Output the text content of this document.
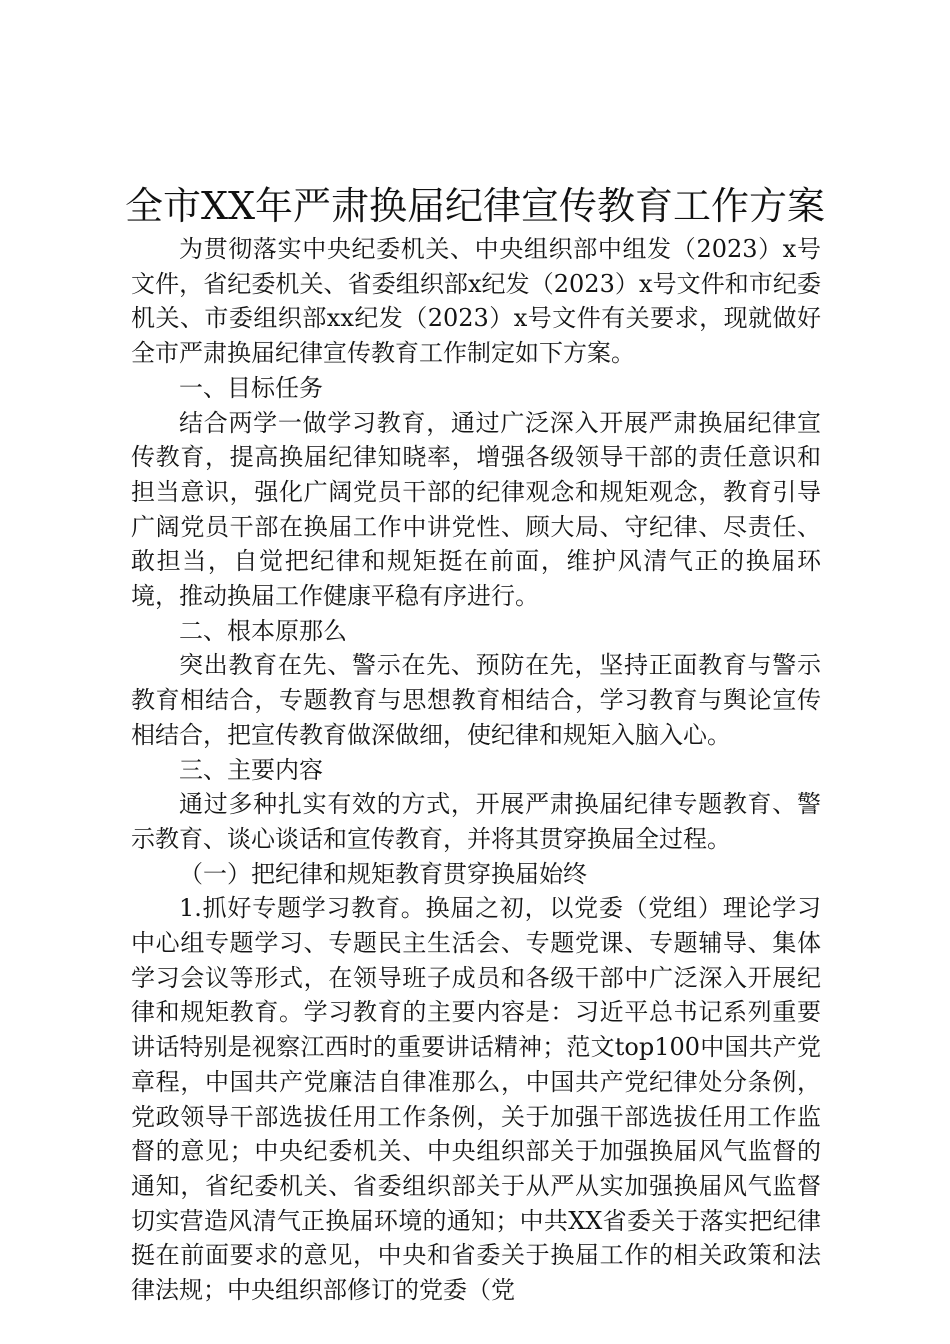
全市XX年严肃换届纪律宣传教育工作方案

为贯彻落实中央纪委机关、中央组织部中组发（2023）x号文件，省纪委机关、省委组织部x纪发（2023）x号文件和市纪委机关、市委组织部xx纪发（2023）x号文件有关要求，现就做好全市严肃换届纪律宣传教育工作制定如下方案。

一、目标任务

结合两学一做学习教育，通过广泛深入开展严肃换届纪律宣传教育，提高换届纪律知晓率，增强各级领导干部的责任意识和担当意识，强化广阔党员干部的纪律观念和规矩观念，教育引导广阔党员干部在换届工作中讲党性、顾大局、守纪律、尽责任、敢担当，自觉把纪律和规矩挺在前面，维护风清气正的换届环境，推动换届工作健康平稳有序进行。

二、根本原那么

突出教育在先、警示在先、预防在先，坚持正面教育与警示教育相结合，专题教育与思想教育相结合，学习教育与舆论宣传相结合，把宣传教育做深做细，使纪律和规矩入脑入心。

三、主要内容

通过多种扎实有效的方式，开展严肃换届纪律专题教育、警示教育、谈心谈话和宣传教育，并将其贯穿换届全过程。

（一）把纪律和规矩教育贯穿换届始终

1.抓好专题学习教育。换届之初，以党委（党组）理论学习中心组专题学习、专题民主生活会、专题党课、专题辅导、集体学习会议等形式，在领导班子成员和各级干部中广泛深入开展纪律和规矩教育。学习教育的主要内容是：习近平总书记系列重要讲话特别是视察江西时的重要讲话精神；范文top100中国共产党章程，中国共产党廉洁自律准那么，中国共产党纪律处分条例，党政领导干部选拔任用工作条例，关于加强干部选拔任用工作监督的意见；中央纪委机关、中央组织部关于加强换届风气监督的通知，省纪委机关、省委组织部关于从严从实加强换届风气监督切实营造风清气正换届环境的通知；中共XX省委关于落实把纪律挺在前面要求的意见，中央和省委关于换届工作的相关政策和法律法规；中央组织部修订的党委（党
